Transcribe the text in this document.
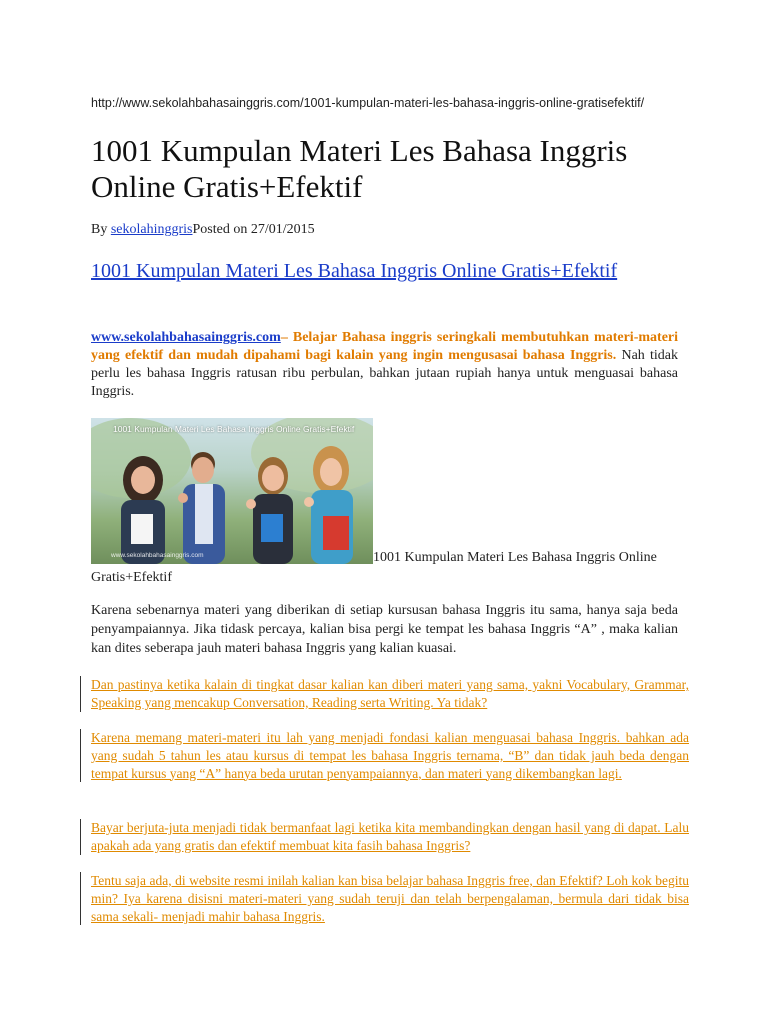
http://www.sekolahbahasainggris.com/1001-kumpulan-materi-les-bahasa-inggris-online-gratisefektif/
1001 Kumpulan Materi Les Bahasa Inggris Online Gratis+Efektif
By sekolahinggrisPosted on 27/01/2015
1001 Kumpulan Materi Les Bahasa Inggris Online Gratis+Efektif

www.sekolahbahasainggris.com– Belajar Bahasa inggris seringkali membutuhkan materi-materi yang efektif dan mudah dipahami bagi kalain yang ingin mengusasai bahasa Inggris. Nah tidak perlu les bahasa Inggris ratusan ribu perbulan, bahkan jutaan rupiah hanya untuk menguasai bahasa Inggris.

1001 Kumpulan Materi Les Bahasa Inggris Online Gratis+Efektif
www.sekolahbahasainggris.com	1001 Kumpulan Materi Les Bahasa Inggris Online
Gratis+Efektif

Karena sebenarnya materi yang diberikan di setiap kursusan bahasa Inggris itu sama, hanya saja beda penyampaiannya. Jika tidask percaya, kalian bisa pergi ke tempat les bahasa Inggris “A” , maka kalian kan dites seberapa jauh materi bahasa Inggris yang kalian kuasai.

Dan pastinya ketika kalain di tingkat dasar kalian kan diberi materi yang sama, yakni Vocabulary, Grammar, Speaking yang mencakup Conversation, Reading serta Writing. Ya tidak?

Karena memang materi-materi itu lah yang menjadi fondasi kalian menguasai bahasa Inggris. bahkan ada yang sudah 5 tahun les atau kursus di tempat les bahasa Inggris ternama, “B” dan tidak jauh beda dengan tempat kursus yang “A” hanya beda urutan penyampaiannya, dan materi yang dikembangkan lagi.

Bayar berjuta-juta menjadi tidak bermanfaat lagi ketika kita membandingkan dengan hasil yang di dapat. Lalu apakah ada yang gratis dan efektif membuat kita fasih bahasa Inggris?

Tentu saja ada, di website resmi inilah kalian kan bisa belajar bahasa Inggris free, dan Efektif? Loh kok begitu min? Iya karena disisni materi-materi yang sudah teruji dan telah berpengalaman, bermula dari tidak bisa sama sekali- menjadi mahir bahasa Inggris.
